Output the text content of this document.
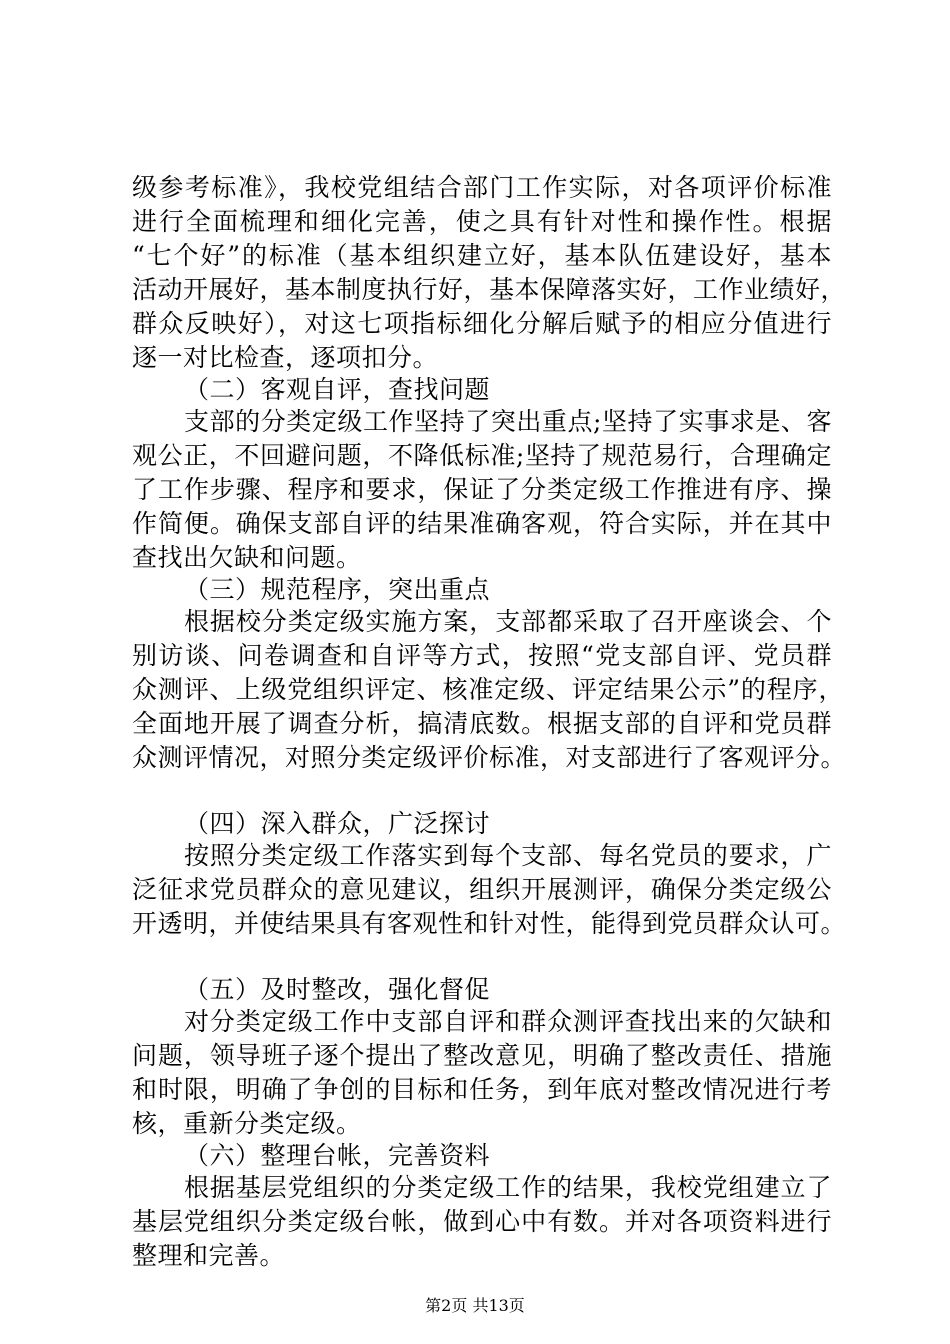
级参考标准》，我校党组结合部门工作实际，对各项评价标准
进行全面梳理和细化完善，使之具有针对性和操作性。根据
“七个好”的标准（基本组织建立好，基本队伍建设好，基本
活动开展好，基本制度执行好，基本保障落实好，工作业绩好，
群众反映好），对这七项指标细化分解后赋予的相应分值进行
逐一对比检查，逐项扣分。
（二）客观自评，查找问题
支部的分类定级工作坚持了突出重点;坚持了实事求是、客
观公正，不回避问题，不降低标准;坚持了规范易行，合理确定
了工作步骤、程序和要求，保证了分类定级工作推进有序、操
作简便。确保支部自评的结果准确客观，符合实际，并在其中
查找出欠缺和问题。
（三）规范程序，突出重点
根据校分类定级实施方案，支部都采取了召开座谈会、个
别访谈、问卷调查和自评等方式，按照“党支部自评、党员群
众测评、上级党组织评定、核准定级、评定结果公示”的程序，
全面地开展了调查分析，搞清底数。根据支部的自评和党员群
众测评情况，对照分类定级评价标准，对支部进行了客观评分。
（四）深入群众，广泛探讨
按照分类定级工作落实到每个支部、每名党员的要求，广
泛征求党员群众的意见建议，组织开展测评，确保分类定级公
开透明，并使结果具有客观性和针对性，能得到党员群众认可。
（五）及时整改，强化督促
对分类定级工作中支部自评和群众测评查找出来的欠缺和
问题，领导班子逐个提出了整改意见，明确了整改责任、措施
和时限，明确了争创的目标和任务，到年底对整改情况进行考
核，重新分类定级。
（六）整理台帐，完善资料
根据基层党组织的分类定级工作的结果，我校党组建立了
基层党组织分类定级台帐，做到心中有数。并对各项资料进行
整理和完善。
第2页 共13页
